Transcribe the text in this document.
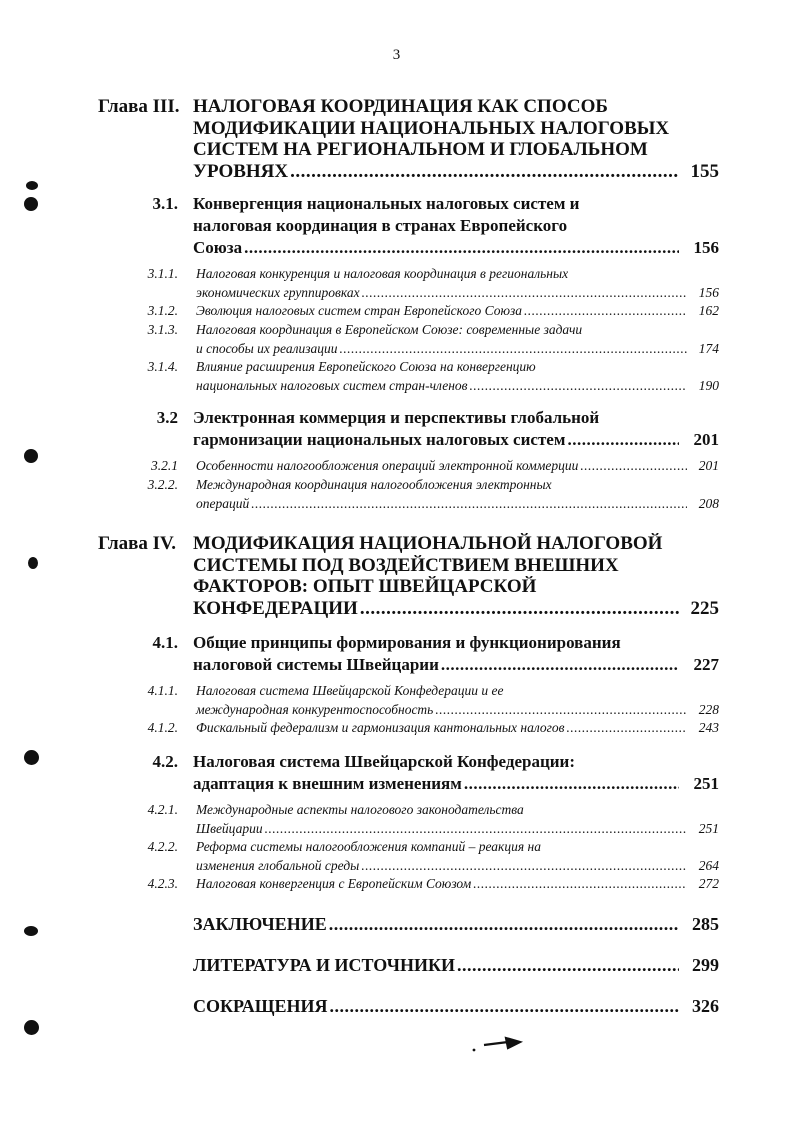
3
Глава III. НАЛОГОВАЯ КООРДИНАЦИЯ КАК СПОСОБ
МОДИФИКАЦИИ НАЦИОНАЛЬНЫХ НАЛОГОВЫХ
СИСТЕМ НА РЕГИОНАЛЬНОМ И ГЛОБАЛЬНОМ
УРОВНЯХ .....	155
3.1. Конвергенция национальных налоговых систем и
налоговая координация в странах Европейского
Союза .....	156
3.1.1. Налоговая конкуренция и налоговая координация в региональных
экономических группировках .....	156
3.1.2. Эволюция налоговых систем стран Европейского Союза .....	162
3.1.3. Налоговая координация в Европейском Союзе: современные задачи
и способы их реализации .....	174
3.1.4. Влияние расширения Европейского Союза на конвергенцию
национальных налоговых систем стран-членов .....	190
3.2 Электронная коммерция и перспективы глобальной
гармонизации национальных налоговых систем .....	201
3.2.1 Особенности налогообложения операций электронной коммерции .....	201
3.2.2. Международная координация налогообложения электронных
операций .....	208
Глава IV. МОДИФИКАЦИЯ НАЦИОНАЛЬНОЙ НАЛОГОВОЙ
СИСТЕМЫ ПОД ВОЗДЕЙСТВИЕМ ВНЕШНИХ
ФАКТОРОВ: ОПЫТ ШВЕЙЦАРСКОЙ
КОНФЕДЕРАЦИИ .....	225
4.1. Общие принципы формирования и функционирования
налоговой системы Швейцарии .....	227
4.1.1. Налоговая система Швейцарской Конфедерации и ее
международная конкурентоспособность .....	228
4.1.2. Фискальный федерализм и гармонизация кантональных налогов .....	243
4.2. Налоговая система Швейцарской Конфедерации:
адаптация к внешним изменениям .....	251
4.2.1. Международные аспекты налогового законодательства
Швейцарии .....	251
4.2.2. Реформа системы налогообложения компаний – реакция на
изменения глобальной среды .....	264
4.2.3. Налоговая конвергенция с Европейским Союзом .....	272
ЗАКЛЮЧЕНИЕ .....	285
ЛИТЕРАТУРА И ИСТОЧНИКИ .....	299
СОКРАЩЕНИЯ .....	326
